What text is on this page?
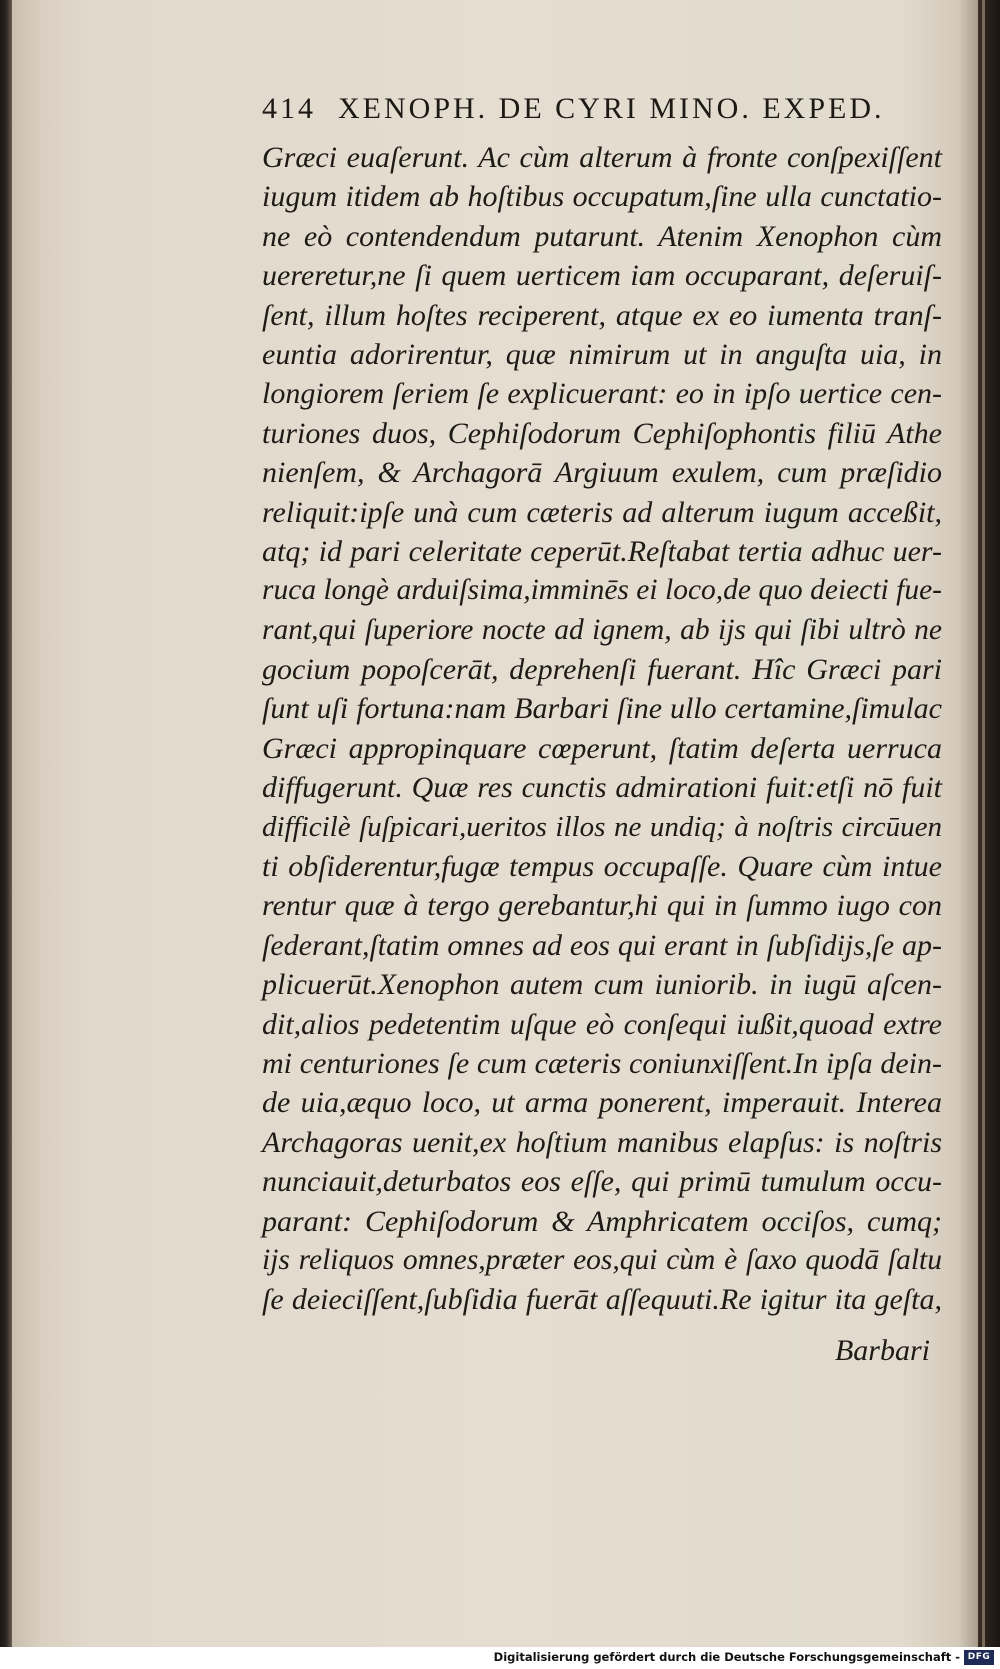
414 XENOPH. DE CYRI MINO. EXPED.
Græci euaſerunt. Ac cùm alterum à fronte conſpexiſſent
iugum itidem ab hoſtibus occupatum,ſine ulla cunctatio-
ne eò contendendum putarunt. Atenim Xenophon cùm
uereretur,ne ſi quem uerticem iam occuparant, deſeruiſ-
ſent, illum hoſtes reciperent, atque ex eo iumenta tranſ-
euntia adorirentur, quæ nimirum ut in anguſta uia, in
longiorem ſeriem ſe explicuerant: eo in ipſo uertice cen-
turiones duos, Cephiſodorum Cephiſophontis filiū Athe
nienſem, & Archagorā Argiuum exulem, cum præſidio
reliquit:ipſe unà cum cæteris ad alterum iugum acceßit,
atq; id pari celeritate ceperūt.Reſtabat tertia adhuc uer-
ruca longè arduiſsima,imminēs ei loco,de quo deiecti fue-
rant,qui ſuperiore nocte ad ignem, ab ijs qui ſibi ultrò ne
gocium popoſcerāt, deprehenſi fuerant. Hîc Græci pari
ſunt uſi fortuna:nam Barbari ſine ullo certamine,ſimulac
Græci appropinquare cœperunt, ſtatim deſerta uerruca
diffugerunt. Quæ res cunctis admirationi fuit:etſi nō fuit
difficilè ſuſpicari,ueritos illos ne undiq; à noſtris circūuen
ti obſiderentur,fugæ tempus occupaſſe. Quare cùm intue
rentur quæ à tergo gerebantur,hi qui in ſummo iugo con
ſederant,ſtatim omnes ad eos qui erant in ſubſidijs,ſe ap-
plicuerūt.Xenophon autem cum iuniorib. in iugū aſcen-
dit,alios pedetentim uſque eò conſequi iußit,quoad extre
mi centuriones ſe cum cæteris coniunxiſſent.In ipſa dein-
de uia,æquo loco, ut arma ponerent, imperauit. Interea
Archagoras uenit,ex hoſtium manibus elapſus: is noſtris
nunciauit,deturbatos eos eſſe, qui primū tumulum occu-
parant: Cephiſodorum & Amphricatem occiſos, cumq;
ijs reliquos omnes,præter eos,qui cùm è ſaxo quodā ſaltu
ſe deieciſſent,ſubſidia fuerāt aſſequuti.Re igitur ita geſta,
Barbari
Digitalisierung gefördert durch die Deutsche Forschungsgemeinschaft - DFG
